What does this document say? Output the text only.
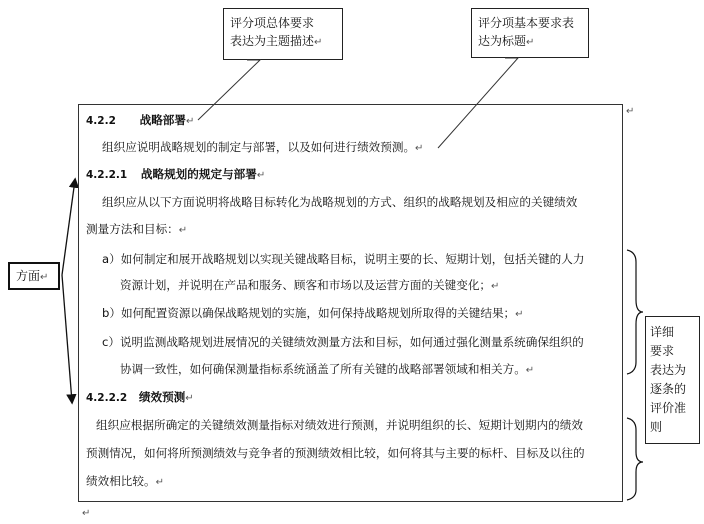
评分项总体要求
表达为主题描述↵
评分项基本要求表
达为标题↵
方面↵
详细
要求
表达为
逐条的
评价准
则
↵
4.2.2 战略部署↵
组织应说明战略规划的制定与部署，以及如何进行绩效预测。↵
4.2.2.1 战略规划的规定与部署↵
组织应从以下方面说明将战略目标转化为战略规划的方式、组织的战略规划及相应的关键绩效
测量方法和目标：↵
a）如何制定和展开战略规划以实现关键战略目标，说明主要的长、短期计划，包括关键的人力
资源计划，并说明在产品和服务、顾客和市场以及运营方面的关键变化；↵
b）如何配置资源以确保战略规划的实施，如何保持战略规划所取得的关键结果；↵
c）说明监测战略规划进展情况的关键绩效测量方法和目标，如何通过强化测量系统确保组织的
协调一致性，如何确保测量指标系统涵盖了所有关键的战略部署领域和相关方。↵
4.2.2.2 绩效预测↵
组织应根据所确定的关键绩效测量指标对绩效进行预测，并说明组织的长、短期计划期内的绩效
预测情况，如何将所预测绩效与竞争者的预测绩效相比较，如何将其与主要的标杆、目标及以往的
绩效相比较。↵
↵
